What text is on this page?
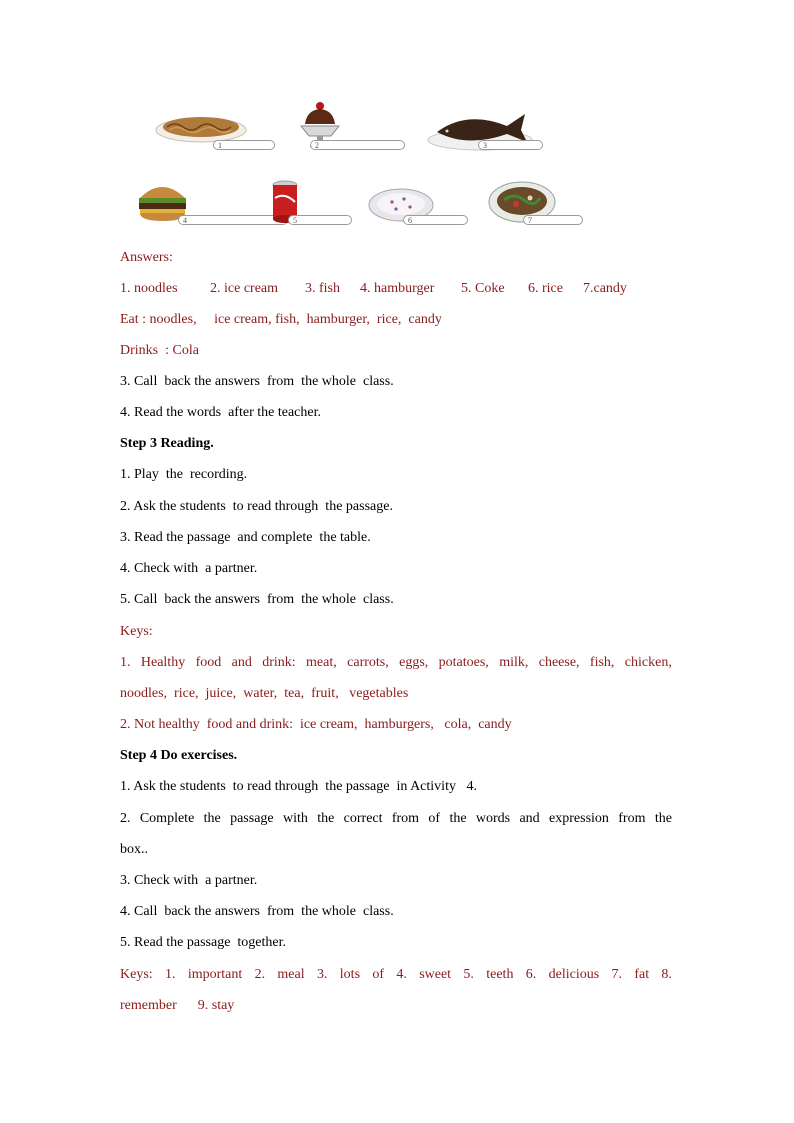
1	2	3
4	5	6	7
Answers:
1. noodles 2. ice cream 3. fish 4. hamburger 5. Coke 6. rice 7.candy
Eat : noodles,     ice cream, fish,  hamburger,  rice,  candy
Drinks  : Cola
3. Call  back the answers  from  the whole  class.
4. Read the words  after the teacher.
Step 3 Reading.
1. Play  the  recording.
2. Ask the students  to read through  the passage.
3. Read the passage  and complete  the table.
4. Check with  a partner.
5. Call  back the answers  from  the whole  class.
Keys:
1. Healthy food and drink: meat, carrots, eggs, potatoes, milk, cheese, fish, chicken,
noodles,  rice,  juice,  water,  tea,  fruit,   vegetables
2. Not healthy  food and drink:  ice cream,  hamburgers,   cola,  candy
Step 4 Do exercises.
1. Ask the students  to read through  the passage  in Activity   4.
2. Complete the passage with the correct from of the words and expression from the
box..
3. Check with  a partner.
4. Call  back the answers  from  the whole  class.
5. Read the passage  together.
Keys: 1. important 2. meal 3. lots of 4. sweet 5. teeth 6. delicious 7. fat 8.
remember      9. stay
